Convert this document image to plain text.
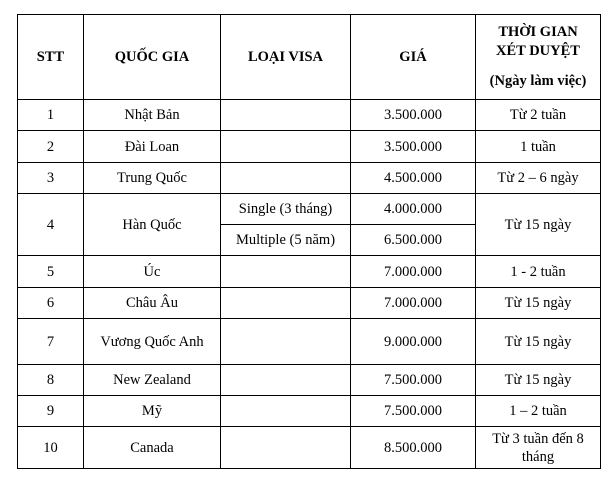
STT	QUỐC GIA	LOẠI VISA	GIÁ	THỜI GIAN
XÉT DUYỆT
(Ngày làm việc)

1	Nhật Bản		3.500.000	Từ 2 tuần
2	Đài Loan		3.500.000	1 tuần
3	Trung Quốc		4.500.000	Từ 2 – 6 ngày
4	Hàn Quốc	Single (3 tháng)	4.000.000	Từ 15 ngày
		Multiple (5 năm)	6.500.000	
5	Úc		7.000.000	1 - 2 tuần
6	Châu Âu		7.000.000	Từ 15 ngày
7	Vương Quốc Anh		9.000.000	Từ 15 ngày
8	New Zealand		7.500.000	Từ 15 ngày
9	Mỹ		7.500.000	1 – 2 tuần
10	Canada		8.500.000	Từ 3 tuần đến 8 tháng
